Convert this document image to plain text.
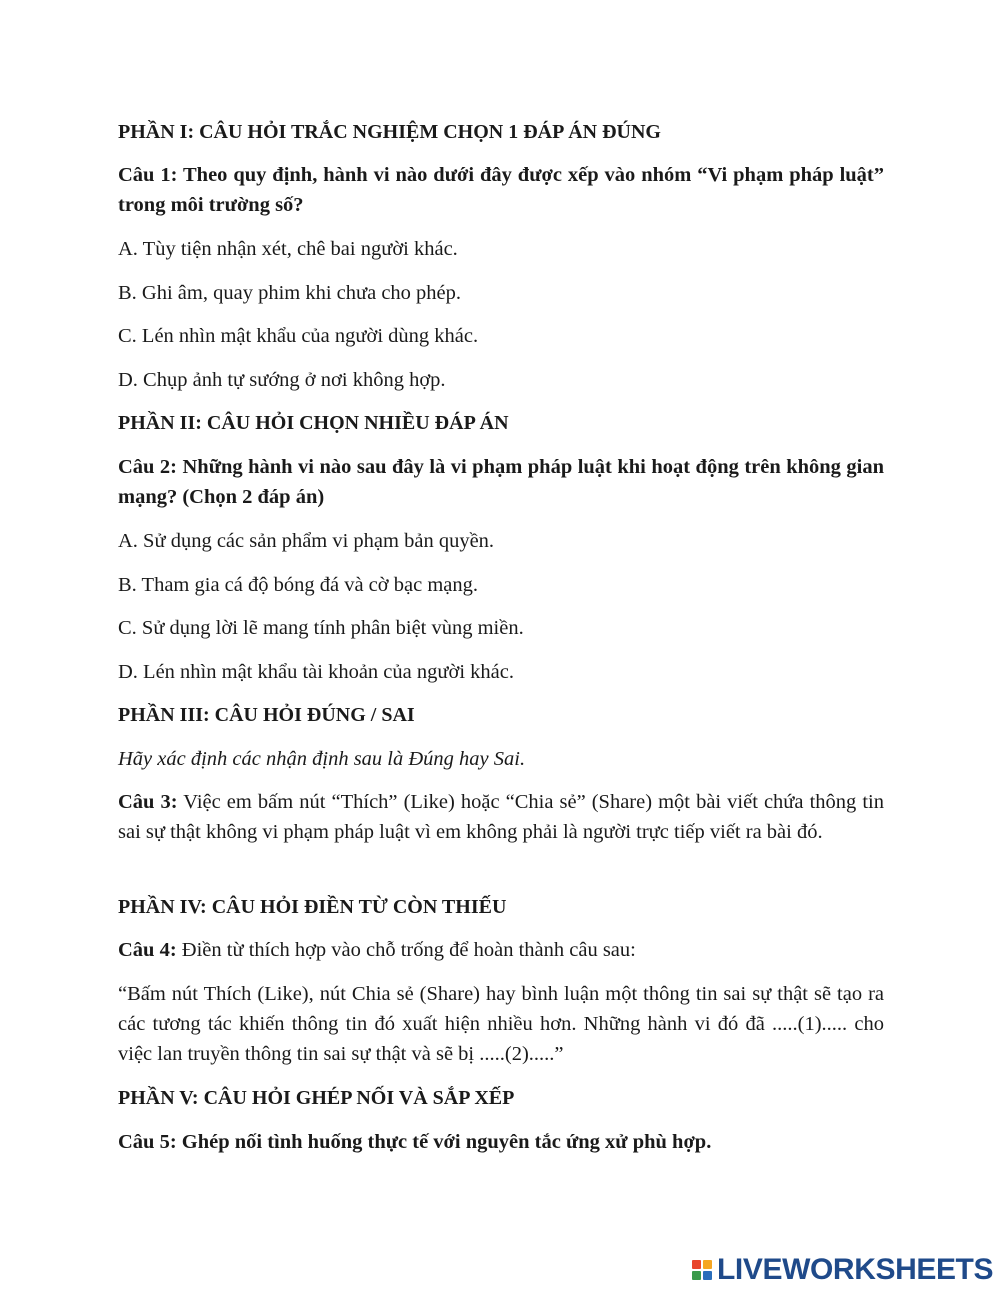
PHẦN I: CÂU HỎI TRẮC NGHIỆM CHỌN 1 ĐÁP ÁN ĐÚNG
Câu 1: Theo quy định, hành vi nào dưới đây được xếp vào nhóm “Vi phạm pháp luật” trong môi trường số?
A. Tùy tiện nhận xét, chê bai người khác.
B. Ghi âm, quay phim khi chưa cho phép.
C. Lén nhìn mật khẩu của người dùng khác.
D. Chụp ảnh tự sướng ở nơi không hợp.
PHẦN II: CÂU HỎI CHỌN NHIỀU ĐÁP ÁN
Câu 2: Những hành vi nào sau đây là vi phạm pháp luật khi hoạt động trên không gian mạng? (Chọn 2 đáp án)
A. Sử dụng các sản phẩm vi phạm bản quyền.
B. Tham gia cá độ bóng đá và cờ bạc mạng.
C. Sử dụng lời lẽ mang tính phân biệt vùng miền.
D. Lén nhìn mật khẩu tài khoản của người khác.
PHẦN III: CÂU HỎI ĐÚNG / SAI
Hãy xác định các nhận định sau là Đúng hay Sai.
Câu 3: Việc em bấm nút “Thích” (Like) hoặc “Chia sẻ” (Share) một bài viết chứa thông tin sai sự thật không vi phạm pháp luật vì em không phải là người trực tiếp viết ra bài đó.
PHẦN IV: CÂU HỎI ĐIỀN TỪ CÒN THIẾU
Câu 4: Điền từ thích hợp vào chỗ trống để hoàn thành câu sau:
“Bấm nút Thích (Like), nút Chia sẻ (Share) hay bình luận một thông tin sai sự thật sẽ tạo ra các tương tác khiến thông tin đó xuất hiện nhiều hơn. Những hành vi đó đã .....(1)..... cho việc lan truyền thông tin sai sự thật và sẽ bị .....(2).....”
PHẦN V: CÂU HỎI GHÉP NỐI VÀ SẮP XẾP
Câu 5: Ghép nối tình huống thực tế với nguyên tắc ứng xử phù hợp.
LIVEWORKSHEETS
